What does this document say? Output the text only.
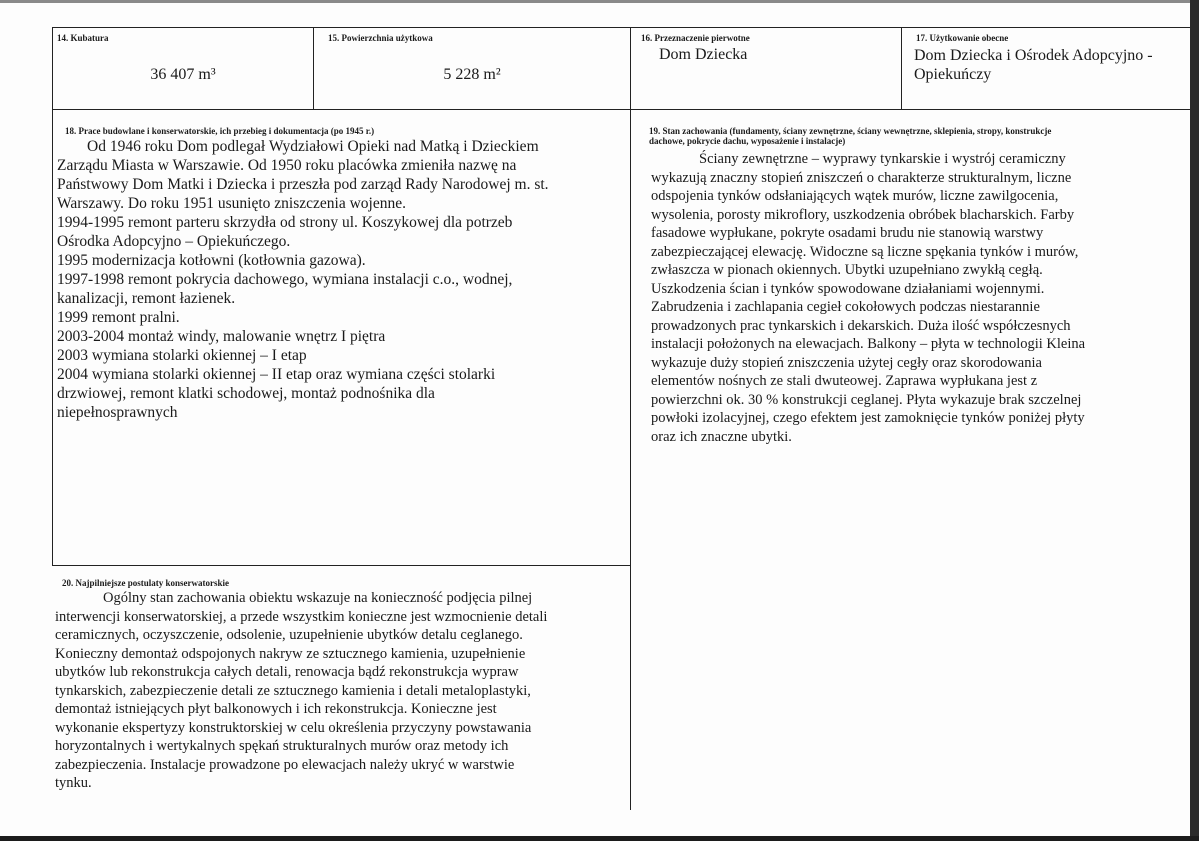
14. Kubatura
36 407 m³
15. Powierzchnia użytkowa
5 228 m²
16. Przeznaczenie pierwotne
Dom Dziecka
17. Użytkowanie obecne
Dom Dziecka i Ośrodek Adopcyjno -
Opiekuńczy
18. Prace budowlane i konserwatorskie, ich przebieg i dokumentacja (po 1945 r.)
Od 1946 roku Dom podlegał Wydziałowi Opieki nad Matką i Dzieckiem
Zarządu Miasta w Warszawie. Od 1950 roku placówka zmieniła nazwę na
Państwowy Dom Matki i Dziecka i przeszła pod zarząd Rady Narodowej m. st.
Warszawy. Do roku 1951 usunięto zniszczenia wojenne.
1994-1995 remont parteru skrzydła od strony ul. Koszykowej dla potrzeb
Ośrodka Adopcyjno – Opiekuńczego.
1995 modernizacja kotłowni (kotłownia gazowa).
1997-1998 remont pokrycia dachowego, wymiana instalacji c.o., wodnej,
kanalizacji, remont łazienek.
1999 remont pralni.
2003-2004 montaż windy, malowanie wnętrz I piętra
2003 wymiana stolarki okiennej – I etap
2004 wymiana stolarki okiennej – II etap oraz wymiana części stolarki
drzwiowej, remont klatki schodowej, montaż podnośnika dla
niepełnosprawnych
19. Stan zachowania (fundamenty, ściany zewnętrzne, ściany wewnętrzne, sklepienia, stropy, konstrukcje
dachowe, pokrycie dachu, wyposażenie i instalacje)
Ściany zewnętrzne – wyprawy tynkarskie i wystrój ceramiczny
wykazują znaczny stopień zniszczeń o charakterze strukturalnym, liczne
odspojenia tynków odsłaniających wątek murów, liczne zawilgocenia,
wysolenia, porosty mikroflory, uszkodzenia obróbek blacharskich. Farby
fasadowe wypłukane, pokryte osadami brudu nie stanowią warstwy
zabezpieczającej elewację. Widoczne są liczne spękania tynków i murów,
zwłaszcza w pionach okiennych. Ubytki uzupełniano zwykłą cegłą.
Uszkodzenia ścian i tynków spowodowane działaniami wojennymi.
Zabrudzenia i zachlapania cegieł cokołowych podczas niestarannie
prowadzonych prac tynkarskich i dekarskich. Duża ilość współczesnych
instalacji położonych na elewacjach. Balkony – płyta w technologii Kleina
wykazuje duży stopień zniszczenia użytej cegły oraz skorodowania
elementów nośnych ze stali dwuteowej. Zaprawa wypłukana jest z
powierzchni ok. 30 % konstrukcji ceglanej. Płyta wykazuje brak szczelnej
powłoki izolacyjnej, czego efektem jest zamoknięcie tynków poniżej płyty
oraz ich znaczne ubytki.
20. Najpilniejsze postulaty konserwatorskie
Ogólny stan zachowania obiektu wskazuje na konieczność podjęcia pilnej
interwencji konserwatorskiej, a przede wszystkim konieczne jest wzmocnienie detali
ceramicznych, oczyszczenie, odsolenie, uzupełnienie ubytków detalu ceglanego.
Konieczny demontaż odspojonych nakryw ze sztucznego kamienia, uzupełnienie
ubytków lub rekonstrukcja całych detali, renowacja bądź rekonstrukcja wypraw
tynkarskich, zabezpieczenie detali ze sztucznego kamienia i detali metaloplastyki,
demontaż istniejących płyt balkonowych i ich rekonstrukcja. Konieczne jest
wykonanie ekspertyzy konstruktorskiej w celu określenia przyczyny powstawania
horyzontalnych i wertykalnych spękań strukturalnych murów oraz metody ich
zabezpieczenia. Instalacje prowadzone po elewacjach należy ukryć w warstwie
tynku.
